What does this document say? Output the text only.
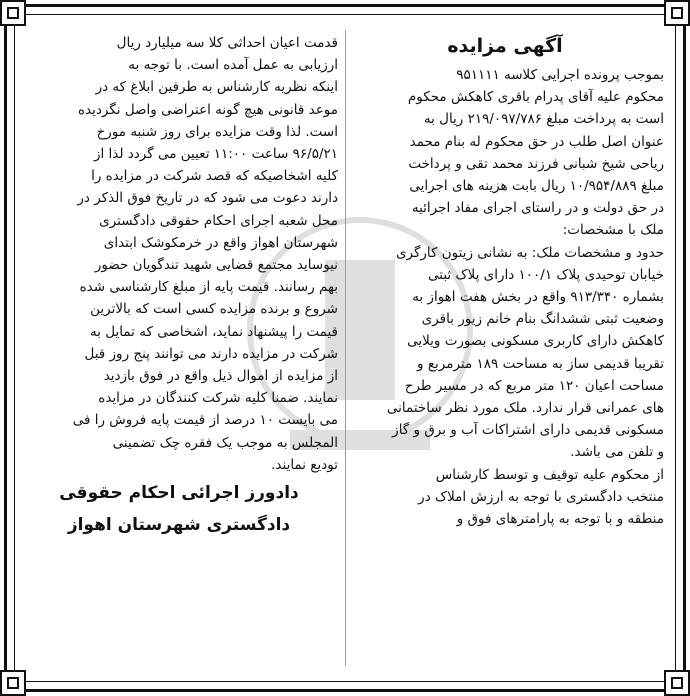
آگهی مزایده
بموجب پرونده اجرایی کلاسه ۹۵۱۱۱۱
محکوم علیه آقای پدرام باقری کاهکش محکوم
است به پرداخت مبلغ ۲۱۹/۰۹۷/۷۸۶ ریال به
عنوان اصل طلب در حق محکوم له بنام محمد
ریاحی شیخ شبانی فرزند محمد تقی و پرداخت
مبلغ ۱۰/۹۵۴/۸۸۹ ریال بابت هزینه های اجرایی
در حق دولت و در راستای اجرای مفاد اجرائیه
ملک با مشخصات:
حدود و مشخصات ملک: به نشانی زیتون کارگری
خیابان توحیدی پلاک ۱۰۰/۱ دارای پلاک ثبتی
بشماره ۹۱۳/۳۴۰ واقع در بخش هفت اهواز به
وضعیت ثبتی ششدانگ بنام خانم زیور باقری
کاهکش دارای کاربری مسکونی بصورت ویلایی
تقریبا قدیمی ساز به مساحت ۱۸۹ مترمربع و
مساحت اعیان ۱۲۰ متر مربع که در مسیر طرح
های عمرانی قرار ندارد. ملک مورد نظر ساختمانی
مسکونی قدیمی دارای اشتراکات آب و برق و گاز
و تلفن می باشد.
از محکوم علیه توقیف و توسط کارشناس
منتخب دادگستری با توجه به ارزش املاک در
منطقه و با توجه به پارامترهای فوق و
قدمت اعیان احداثی کلا سه میلیارد ریال
ارزیابی به عمل آمده است. با توجه به
اینکه نظریه کارشناس به طرفین ابلاغ که در
موعد قانونی هیچ گونه اعتراضی واصل نگردیده
است. لذا وقت مزایده برای روز شنبه مورخ
۹۶/۵/۲۱ ساعت ۱۱:۰۰ تعیین می گردد لذا از
کلیه اشخاصیکه که قصد شرکت در مزایده را
دارند دعوت می شود که در تاریخ فوق الذکر در
محل شعبه اجرای احکام حقوقی دادگستری
شهرستان اهواز واقع در خرمکوشک ابتدای
نیوساید مجتمع قضایی شهید تندگویان حضور
بهم رسانند. قیمت پایه از مبلغ کارشناسی شده
شروع و برنده مزایده کسی است که بالاترین
قیمت را پیشنهاد نماید، اشخاصی که تمایل به
شرکت در مزایده دارند می توانند پنج روز قبل
از مزایده از اموال ذیل واقع در فوق بازدید
نمایند. ضمنا کلیه شرکت کنندگان در مزایده
می بایست ۱۰ درصد از قیمت پایه فروش را فی
المجلس به موجب یک فقره چک تضمینی
تودیع نمایند.
دادورز اجرائی احکام حقوقی
دادگستری شهرستان اهواز
